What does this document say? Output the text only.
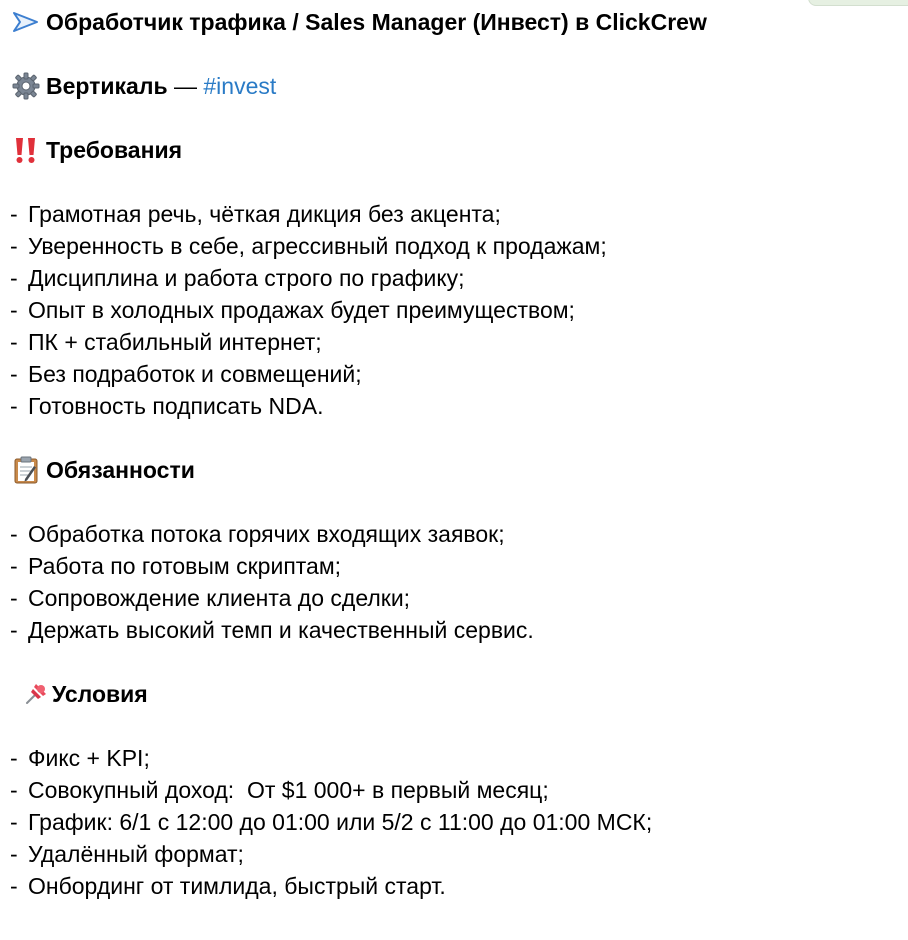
Обработчик трафика / Sales Manager (Инвест) в ClickCrew
Вертикаль — #invest
Требования
- Грамотная речь, чёткая дикция без акцента;
- Уверенность в себе, агрессивный подход к продажам;
- Дисциплина и работа строго по графику;
- Опыт в холодных продажах будет преимуществом;
- ПК + стабильный интернет;
- Без подработок и совмещений;
- Готовность подписать NDA.
Обязанности
- Обработка потока горячих входящих заявок;
- Работа по готовым скриптам;
- Сопровождение клиента до сделки;
- Держать высокий темп и качественный сервис.
Условия
- Фикс + KPI;
- Совокупный доход:  От $1 000+ в первый месяц;
- График: 6/1 с 12:00 до 01:00 или 5/2 с 11:00 до 01:00 МСК;
- Удалённый формат;
- Онбординг от тимлида, быстрый старт.
